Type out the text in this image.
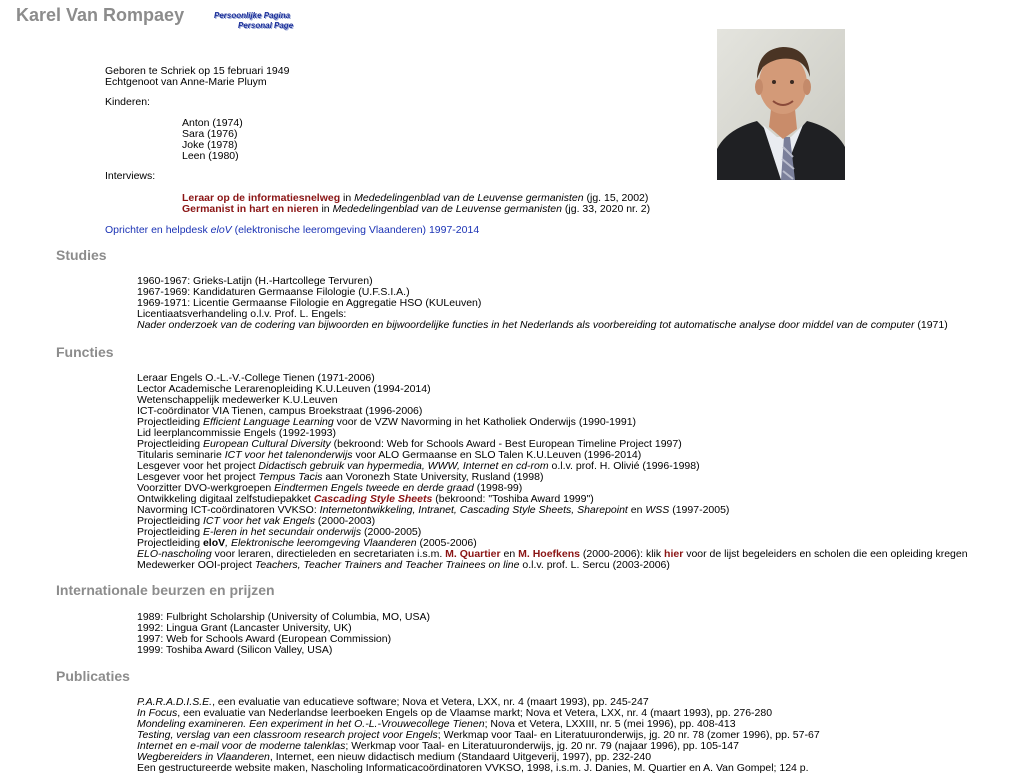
Karel Van Rompaey	Persoonlijke Pagina
Personal Page
Geboren te Schriek op 15 februari 1949
Echtgenoot van Anne-Marie Pluym
Kinderen:
Anton (1974)
Sara (1976)
Joke (1978)
Leen (1980)
Interviews:
Leraar op de informatiesnelweg in Mededelingenblad van de Leuvense germanisten (jg. 15, 2002)
Germanist in hart en nieren in Mededelingenblad van de Leuvense germanisten (jg. 33, 2020 nr. 2)
Oprichter en helpdesk eloV (elektronische leeromgeving Vlaanderen) 1997-2014
Studies
1960-1967: Grieks-Latijn (H.-Hartcollege Tervuren)
1967-1969: Kandidaturen Germaanse Filologie (U.F.S.I.A.)
1969-1971: Licentie Germaanse Filologie en Aggregatie HSO (KULeuven)
Licentiaatsverhandeling o.l.v. Prof. L. Engels:
Nader onderzoek van de codering van bijwoorden en bijwoordelijke functies in het Nederlands als voorbereiding tot automatische analyse door middel van de computer (1971)
Functies
Leraar Engels O.-L.-V.-College Tienen (1971-2006)
Lector Academische Lerarenopleiding K.U.Leuven (1994-2014)
Wetenschappelijk medewerker K.U.Leuven
ICT-coördinator VIA Tienen, campus Broekstraat (1996-2006)
Projectleiding Efficient Language Learning voor de VZW Navorming in het Katholiek Onderwijs (1990-1991)
Lid leerplancommissie Engels (1992-1993)
Projectleiding European Cultural Diversity (bekroond: Web for Schools Award - Best European Timeline Project 1997)
Titularis seminarie ICT voor het talenonderwijs voor ALO Germaanse en SLO Talen K.U.Leuven (1996-2014)
Lesgever voor het project Didactisch gebruik van hypermedia, WWW, Internet en cd-rom o.l.v. prof. H. Olivié (1996-1998)
Lesgever voor het project Tempus Tacis aan Voronezh State University, Rusland (1998)
Voorzitter DVO-werkgroepen Eindtermen Engels tweede en derde graad (1998-99)
Ontwikkeling digitaal zelfstudiepakket Cascading Style Sheets (bekroond: "Toshiba Award 1999")
Navorming ICT-coördinatoren VVKSO: Internetontwikkeling, Intranet, Cascading Style Sheets, Sharepoint en WSS (1997-2005)
Projectleiding ICT voor het vak Engels (2000-2003)
Projectleiding E-leren in het secundair onderwijs (2000-2005)
Projectleiding eloV, Elektronische leeromgeving Vlaanderen (2005-2006)
ELO-nascholing voor leraren, directieleden en secretariaten i.s.m. M. Quartier en M. Hoefkens (2000-2006): klik hier voor de lijst begeleiders en scholen die een opleiding kregen
Medewerker OOI-project Teachers, Teacher Trainers and Teacher Trainees on line o.l.v. prof. L. Sercu (2003-2006)
Internationale beurzen en prijzen
1989: Fulbright Scholarship (University of Columbia, MO, USA)
1992: Lingua Grant (Lancaster University, UK)
1997: Web for Schools Award (European Commission)
1999: Toshiba Award (Silicon Valley, USA)
Publicaties
P.A.R.A.D.I.S.E., een evaluatie van educatieve software; Nova et Vetera, LXX, nr. 4 (maart 1993), pp. 245-247
In Focus, een evaluatie van Nederlandse leerboeken Engels op de Vlaamse markt; Nova et Vetera, LXX, nr. 4 (maart 1993), pp. 276-280
Mondeling examineren. Een experiment in het O.-L.-Vrouwecollege Tienen; Nova et Vetera, LXXIII, nr. 5 (mei 1996), pp. 408-413
Testing, verslag van een classroom research project voor Engels; Werkmap voor Taal- en Literatuuronderwijs, jg. 20 nr. 78 (zomer 1996), pp. 57-67
Internet en e-mail voor de moderne talenklas; Werkmap voor Taal- en Literatuuronderwijs, jg. 20 nr. 79 (najaar 1996), pp. 105-147
Wegbereiders in Vlaanderen, Internet, een nieuw didactisch medium (Standaard Uitgeverij, 1997), pp. 232-240
Een gestructureerde website maken, Nascholing Informaticacoördinatoren VVKSO, 1998, i.s.m. J. Danies, M. Quartier en A. Van Gompel; 124 p.
